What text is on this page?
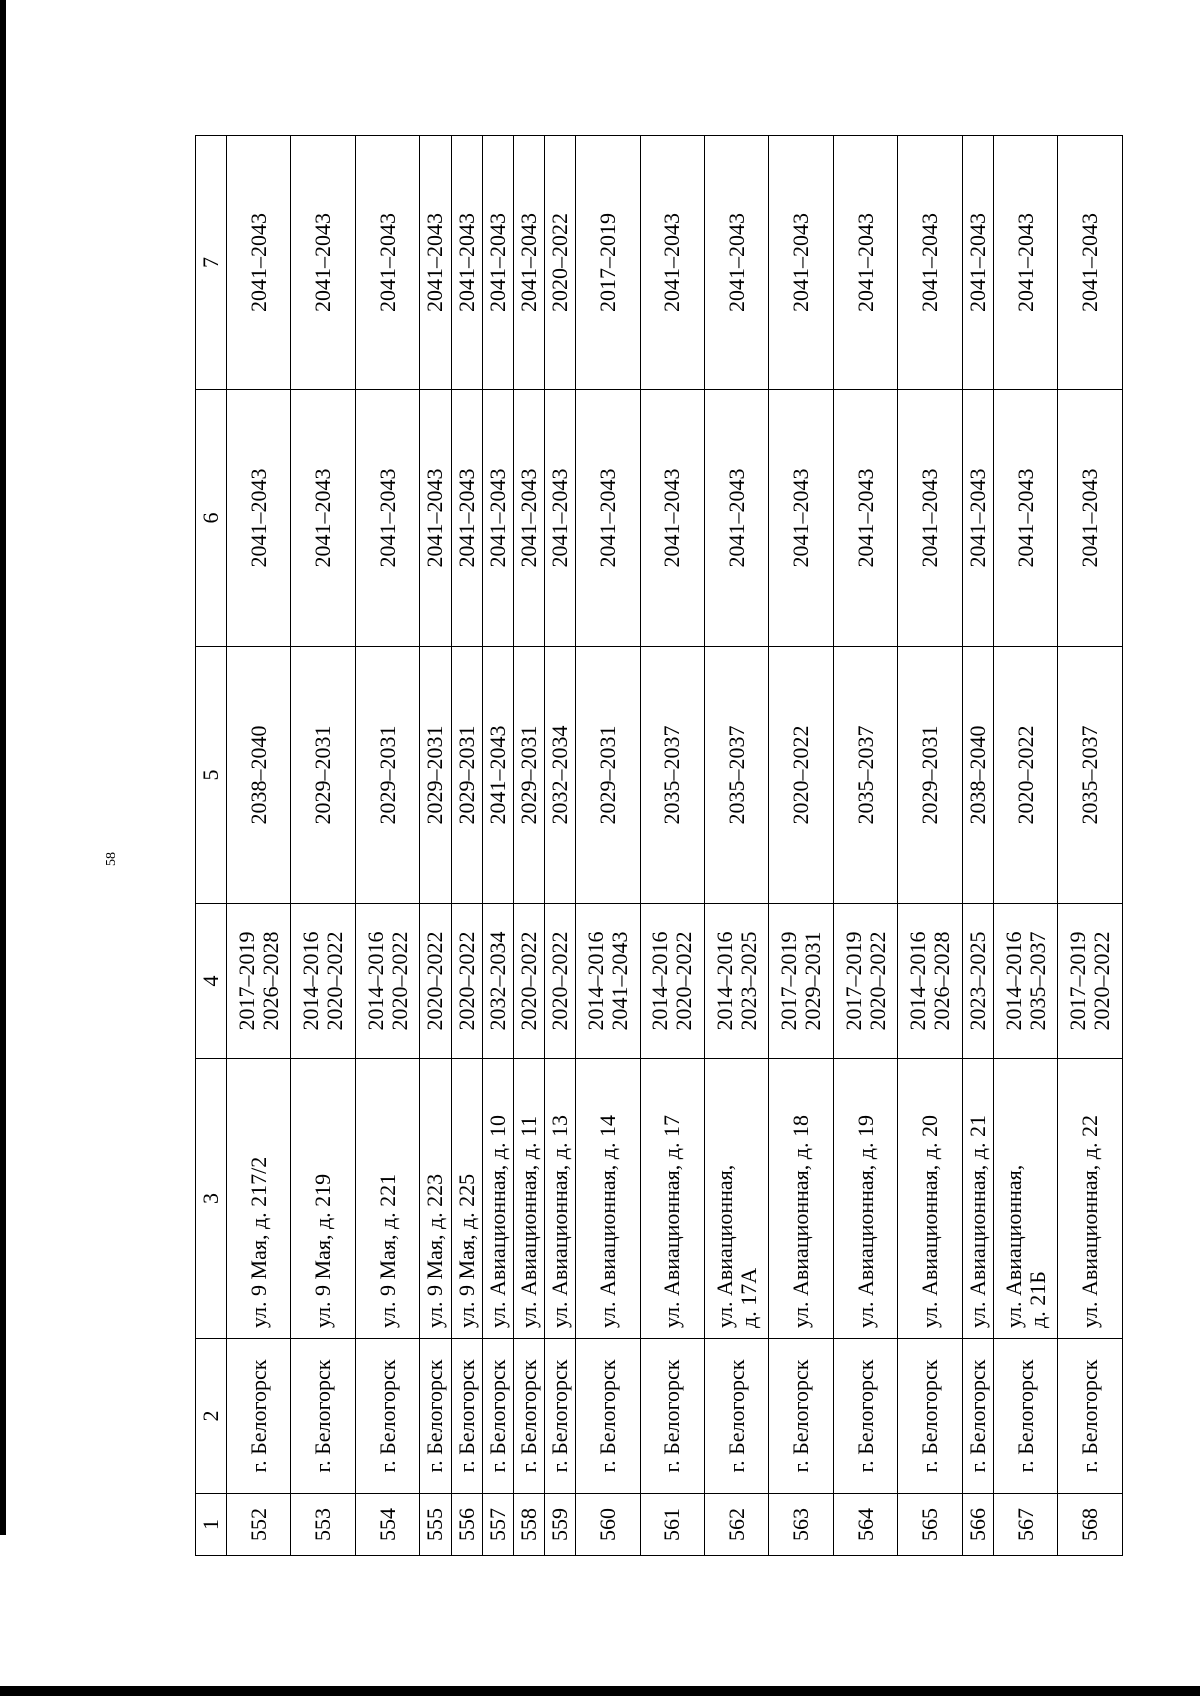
58
1	2	3	4	5	6	7
552	г. Белогорск	ул. 9 Мая, д. 217/2	2017–2019 2026–2028	2038–2040	2041–2043	2041–2043
553	г. Белогорск	ул. 9 Мая, д. 219	2014–2016 2020–2022	2029–2031	2041–2043	2041–2043
554	г. Белогорск	ул. 9 Мая, д. 221	2014–2016 2020–2022	2029–2031	2041–2043	2041–2043
555	г. Белогорск	ул. 9 Мая, д. 223	2020–2022	2029–2031	2041–2043	2041–2043
556	г. Белогорск	ул. 9 Мая, д. 225	2020–2022	2029–2031	2041–2043	2041–2043
557	г. Белогорск	ул. Авиационная, д. 10	2032–2034	2041–2043	2041–2043	2041–2043
558	г. Белогорск	ул. Авиационная, д. 11	2020–2022	2029–2031	2041–2043	2041–2043
559	г. Белогорск	ул. Авиационная, д. 13	2020–2022	2032–2034	2041–2043	2020–2022
560	г. Белогорск	ул. Авиационная, д. 14	2014–2016 2041–2043	2029–2031	2041–2043	2017–2019
561	г. Белогорск	ул. Авиационная, д. 17	2014–2016 2020–2022	2035–2037	2041–2043	2041–2043
562	г. Белогорск	ул. Авиационная, д. 17А	2014–2016 2023–2025	2035–2037	2041–2043	2041–2043
563	г. Белогорск	ул. Авиационная, д. 18	2017–2019 2029–2031	2020–2022	2041–2043	2041–2043
564	г. Белогорск	ул. Авиационная, д. 19	2017–2019 2020–2022	2035–2037	2041–2043	2041–2043
565	г. Белогорск	ул. Авиационная, д. 20	2014–2016 2026–2028	2029–2031	2041–2043	2041–2043
566	г. Белогорск	ул. Авиационная, д. 21	2023–2025	2038–2040	2041–2043	2041–2043
567	г. Белогорск	ул. Авиационная, д. 21Б	2014–2016 2035–2037	2020–2022	2041–2043	2041–2043
568	г. Белогорск	ул. Авиационная, д. 22	2017–2019 2020–2022	2035–2037	2041–2043	2041–2043
